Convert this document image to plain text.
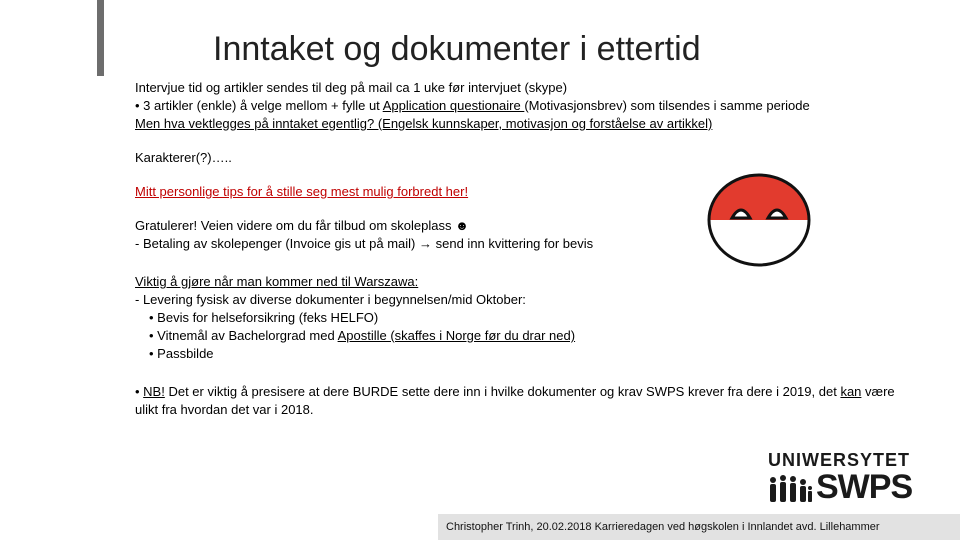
Inntaket og dokumenter i ettertid

Intervjue tid og artikler sendes til deg på mail ca 1 uke før intervjuet (skype)

• 3 artikler (enkle) å velge mellom + fylle ut Application questionaire (Motivasjonsbrev) som tilsendes i samme periode

Men hva vektlegges på inntaket egentlig? (Engelsk kunnskaper, motivasjon og forståelse av artikkel)

Karakterer(?)…..

Mitt personlige tips for å stille seg mest mulig forbredt her!

Gratulerer! Veien videre om du får tilbud om skoleplass ☻

- Betaling av skolepenger (Invoice gis ut på mail) → send inn kvittering for bevis

Viktig å gjøre når man kommer ned til Warszawa:

- Levering fysisk av diverse dokumenter i begynnelsen/mid Oktober:

• Bevis for helseforsikring (feks HELFO)

• Vitnemål av Bachelorgrad med Apostille (skaffes i Norge før du drar ned)

• Passbilde

• NB! Det er viktig å presisere at dere BURDE sette dere inn i hvilke dokumenter og krav SWPS krever fra dere i 2019, det kan være ulikt fra hvordan det var i 2018.

UNIWERSYTET
SWPS
Christopher Trinh, 20.02.2018 Karrieredagen ved høgskolen i Innlandet avd. Lillehammer
